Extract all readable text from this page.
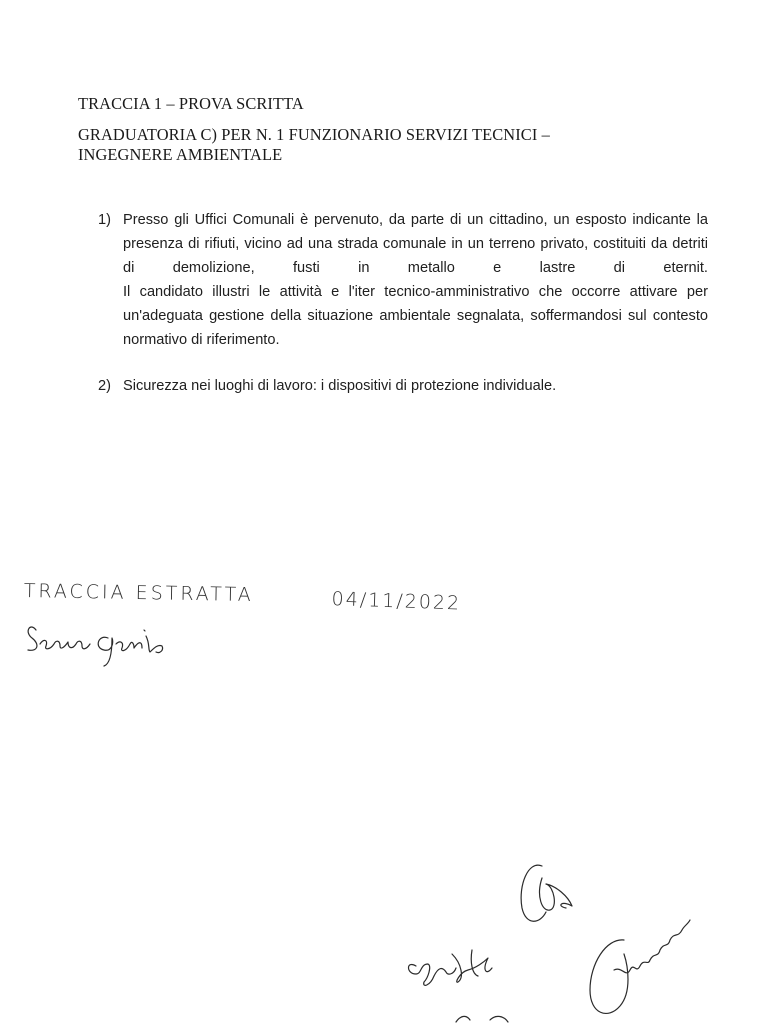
TRACCIA 1 – PROVA SCRITTA
GRADUATORIA C) PER N. 1 FUNZIONARIO SERVIZI TECNICI –
INGEGNERE AMBIENTALE
1) Presso gli Uffici Comunali è pervenuto, da parte di un cittadino, un esposto indicante la presenza di rifiuti, vicino ad una strada comunale in un terreno privato, costituiti da detriti di demolizione, fusti in metallo e lastre di eternit.
Il candidato illustri le attività e l'iter tecnico-amministrativo che occorre attivare per un'adeguata gestione della situazione ambientale segnalata, soffermandosi sul contesto normativo di riferimento.
2) Sicurezza nei luoghi di lavoro: i dispositivi di protezione individuale.
TRACCIA ESTRATTA	04/11/2022
